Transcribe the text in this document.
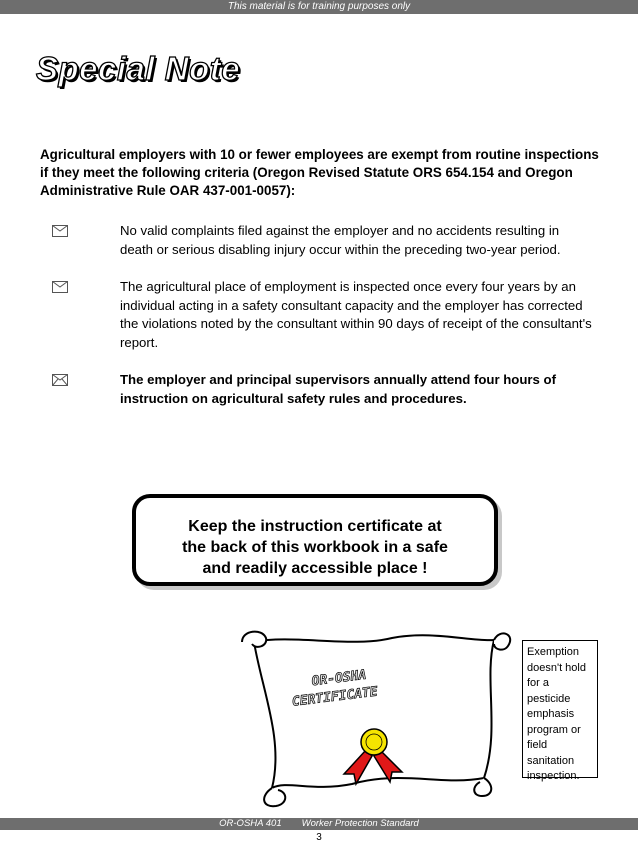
This material is for training purposes only
Special Note
Agricultural employers with 10 or fewer employees are exempt from routine inspections if they meet the following criteria (Oregon Revised Statute ORS 654.154 and Oregon Administrative Rule OAR 437-001-0057):
No valid complaints filed against the employer and no accidents resulting in death or serious disabling injury occur within the preceding two-year period.
The agricultural place of employment is inspected once every four years by an individual acting in a safety consultant capacity and the employer has corrected the violations noted by the consultant within 90 days of receipt of the consultant's report.
The employer and principal supervisors annually attend four hours of instruction on agricultural safety rules and procedures.
Keep the instruction certificate at
the back of this workbook in a safe
and readily accessible place !
OR-OSHA
CERTIFICATE
Exemption doesn't hold for a pesticide emphasis program or field sanitation inspection.
OR-OSHA 401 Worker Protection Standard
3
